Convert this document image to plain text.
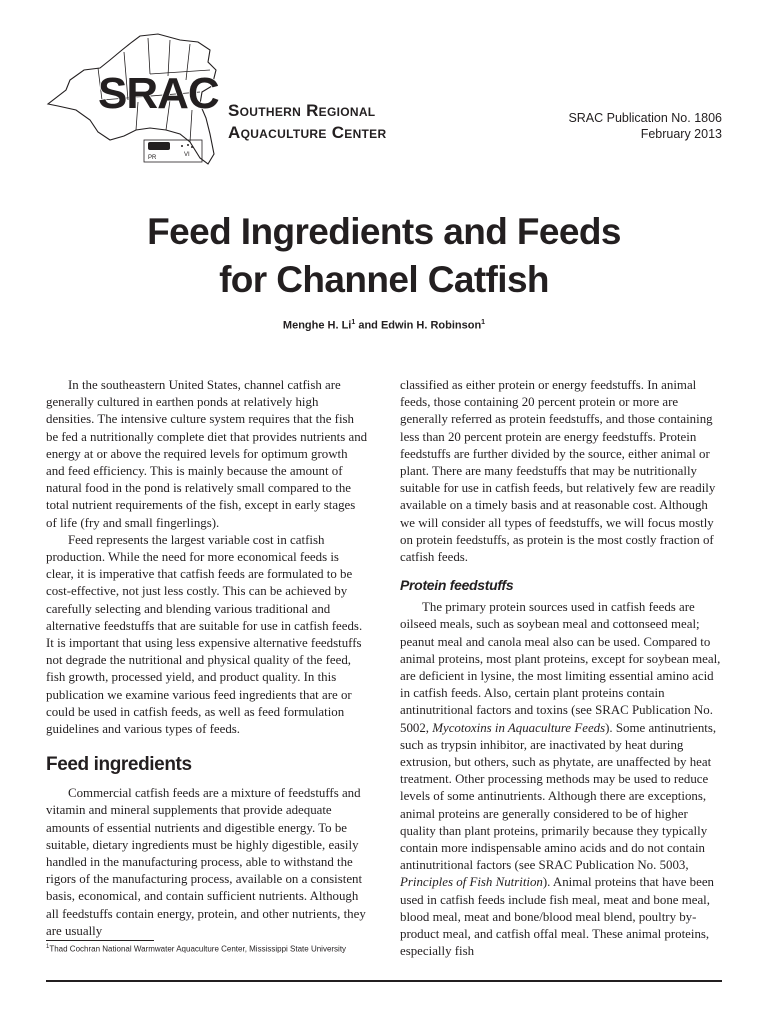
SRAC
PR	VI
Southern Regional
Aquaculture Center
SRAC Publication No. 1806
February 2013
Feed Ingredients and Feeds
for Channel Catfish
Menghe H. Li$^1$ and Edwin H. Robinson$^1$

In the southeastern United States, channel catfish are generally cultured in earthen ponds at relatively high densities. The intensive culture system requires that the fish be fed a nutritionally complete diet that provides nutrients and energy at or above the required levels for optimum growth and feed efficiency. This is mainly because the amount of natural food in the pond is relatively small compared to the total nutrient requirements of the fish, except in early stages of life (fry and small fingerlings).

Feed represents the largest variable cost in catfish production. While the need for more economical feeds is clear, it is imperative that catfish feeds are formulated to be cost-effective, not just less costly. This can be achieved by carefully selecting and blending various traditional and alternative feedstuffs that are suitable for use in catfish feeds. It is important that using less expensive alternative feedstuffs not degrade the nutritional and physical quality of the feed, fish growth, processed yield, and product quality. In this publication we examine various feed ingredients that are or could be used in catfish feeds, as well as feed formulation guidelines and various types of feeds.

Feed ingredients

Commercial catfish feeds are a mixture of feedstuffs and vitamin and mineral supplements that provide adequate amounts of essential nutrients and digestible energy. To be suitable, dietary ingredients must be highly digestible, easily handled in the manufacturing process, able to withstand the rigors of the manufacturing process, available on a consistent basis, economical, and contain sufficient nutrients. Although all feedstuffs contain energy, protein, and other nutrients, they are usually

classified as either protein or energy feedstuffs. In animal feeds, those containing 20 percent protein or more are generally referred as protein feedstuffs, and those containing less than 20 percent protein are energy feedstuffs. Protein feedstuffs are further divided by the source, either animal or plant. There are many feedstuffs that may be nutritionally suitable for use in catfish feeds, but relatively few are readily available on a timely basis and at reasonable cost. Although we will consider all types of feedstuffs, we will focus mostly on protein feedstuffs, as protein is the most costly fraction of catfish feeds.

Protein feedstuffs

The primary protein sources used in catfish feeds are oilseed meals, such as soybean meal and cottonseed meal; peanut meal and canola meal also can be used. Compared to animal proteins, most plant proteins, except for soybean meal, are deficient in lysine, the most limiting essential amino acid in catfish feeds. Also, certain plant proteins contain antinutritional factors and toxins (see SRAC Publication No. 5002, Mycotoxins in Aquaculture Feeds). Some antinutrients, such as trypsin inhibitor, are inactivated by heat during extrusion, but others, such as phytate, are unaffected by heat treatment. Other processing methods may be used to reduce levels of some antinutrients. Although there are exceptions, animal proteins are generally considered to be of higher quality than plant proteins, primarily because they typically contain more indispensable amino acids and do not contain antinutritional factors (see SRAC Publication No. 5003, Principles of Fish Nutrition). Animal proteins that have been used in catfish feeds include fish meal, meat and bone meal, blood meal, meat and bone/blood meal blend, poultry by-product meal, and catfish offal meal. These animal proteins, especially fish

$^1$Thad Cochran National Warmwater Aquaculture Center, Mississippi State University
